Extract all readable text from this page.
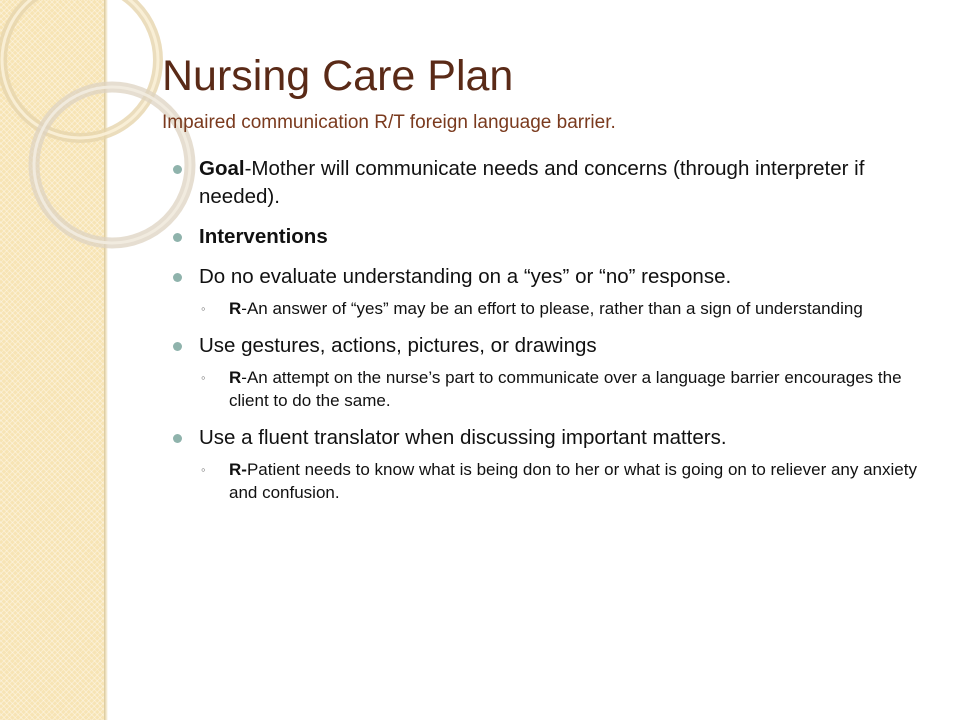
Nursing Care Plan

Impaired communication R/T foreign language barrier.

Goal-Mother will communicate needs and concerns (through interpreter if needed).
Interventions
Do no evaluate understanding on a “yes” or “no” response.
◦ R-An answer of “yes” may be an effort to please, rather than a sign of understanding
Use gestures, actions, pictures, or drawings
◦ R-An attempt on the nurse’s part to communicate over a language barrier encourages the client to do the same.
Use a fluent translator when discussing important matters.
◦ R-Patient needs to know what is being don to her or what is going on to reliever any anxiety and confusion.
